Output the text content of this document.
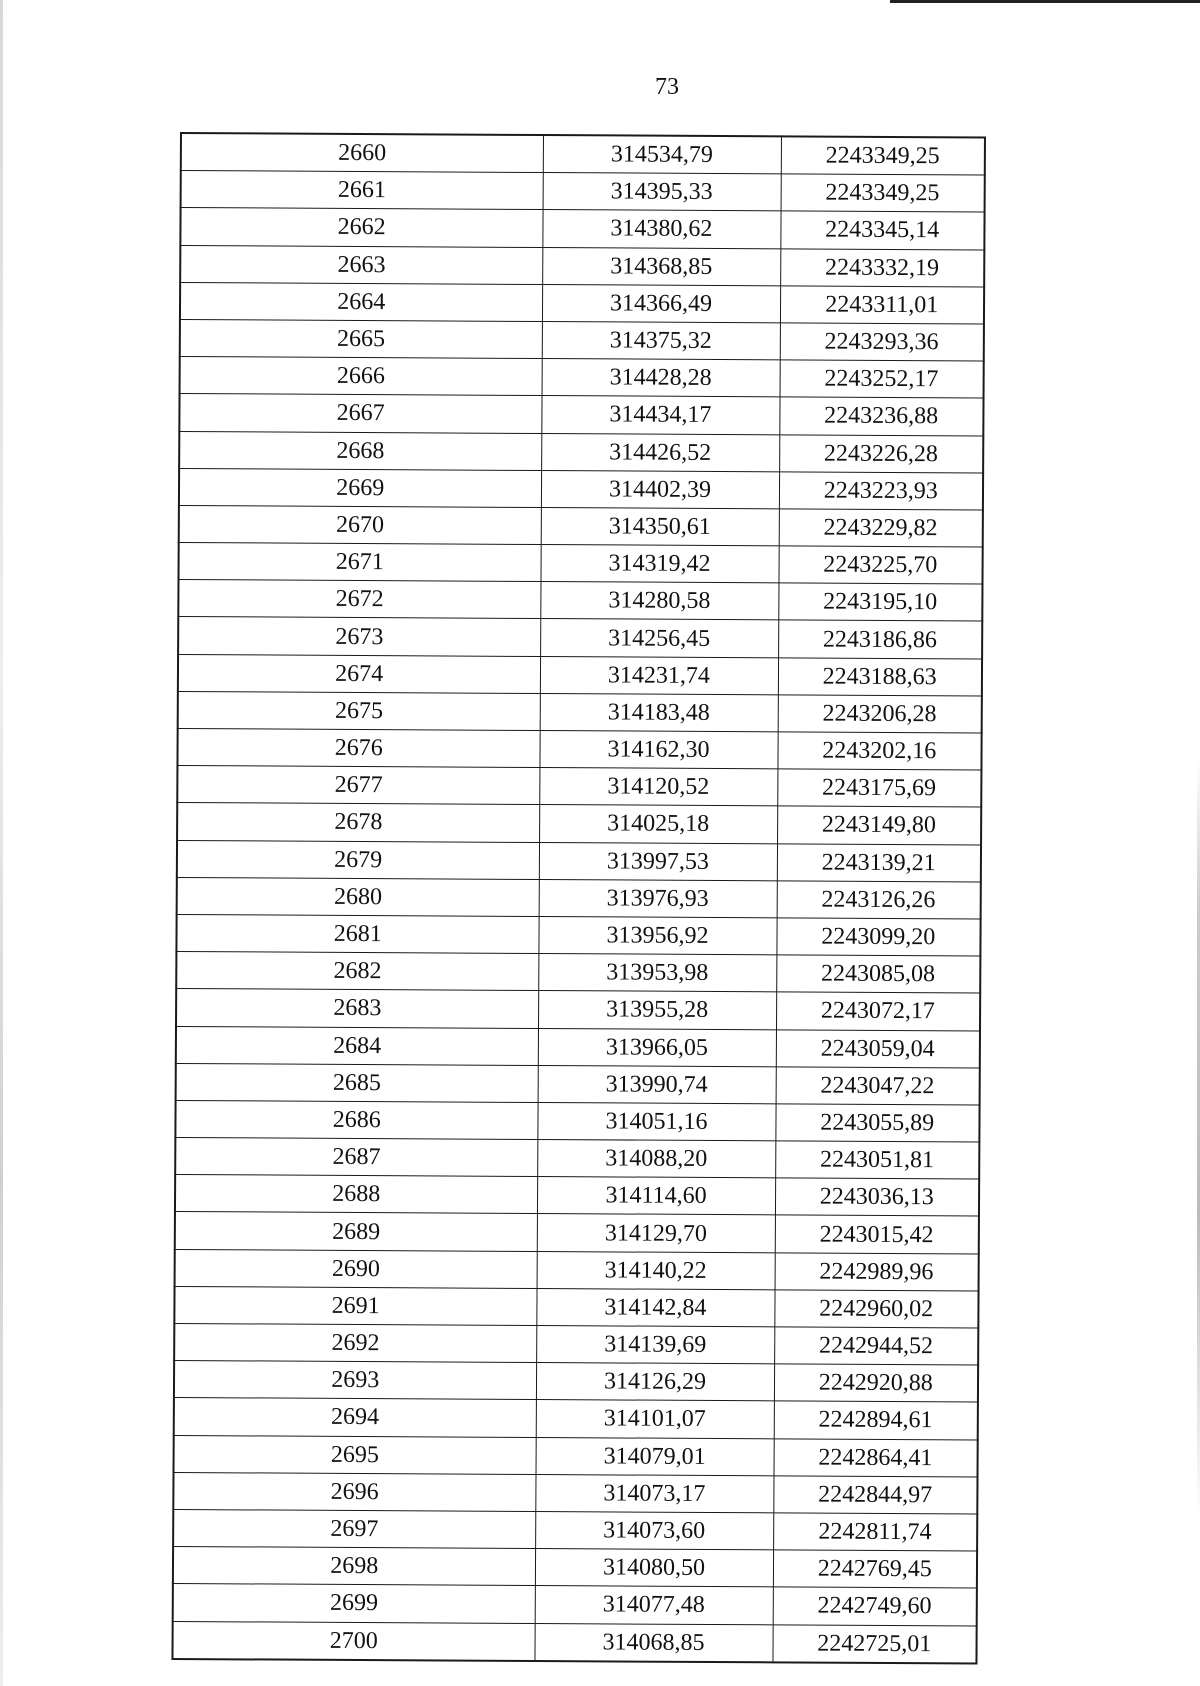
73
2660	314534,79	2243349,25
2661	314395,33	2243349,25
2662	314380,62	2243345,14
2663	314368,85	2243332,19
2664	314366,49	2243311,01
2665	314375,32	2243293,36
2666	314428,28	2243252,17
2667	314434,17	2243236,88
2668	314426,52	2243226,28
2669	314402,39	2243223,93
2670	314350,61	2243229,82
2671	314319,42	2243225,70
2672	314280,58	2243195,10
2673	314256,45	2243186,86
2674	314231,74	2243188,63
2675	314183,48	2243206,28
2676	314162,30	2243202,16
2677	314120,52	2243175,69
2678	314025,18	2243149,80
2679	313997,53	2243139,21
2680	313976,93	2243126,26
2681	313956,92	2243099,20
2682	313953,98	2243085,08
2683	313955,28	2243072,17
2684	313966,05	2243059,04
2685	313990,74	2243047,22
2686	314051,16	2243055,89
2687	314088,20	2243051,81
2688	314114,60	2243036,13
2689	314129,70	2243015,42
2690	314140,22	2242989,96
2691	314142,84	2242960,02
2692	314139,69	2242944,52
2693	314126,29	2242920,88
2694	314101,07	2242894,61
2695	314079,01	2242864,41
2696	314073,17	2242844,97
2697	314073,60	2242811,74
2698	314080,50	2242769,45
2699	314077,48	2242749,60
2700	314068,85	2242725,01
